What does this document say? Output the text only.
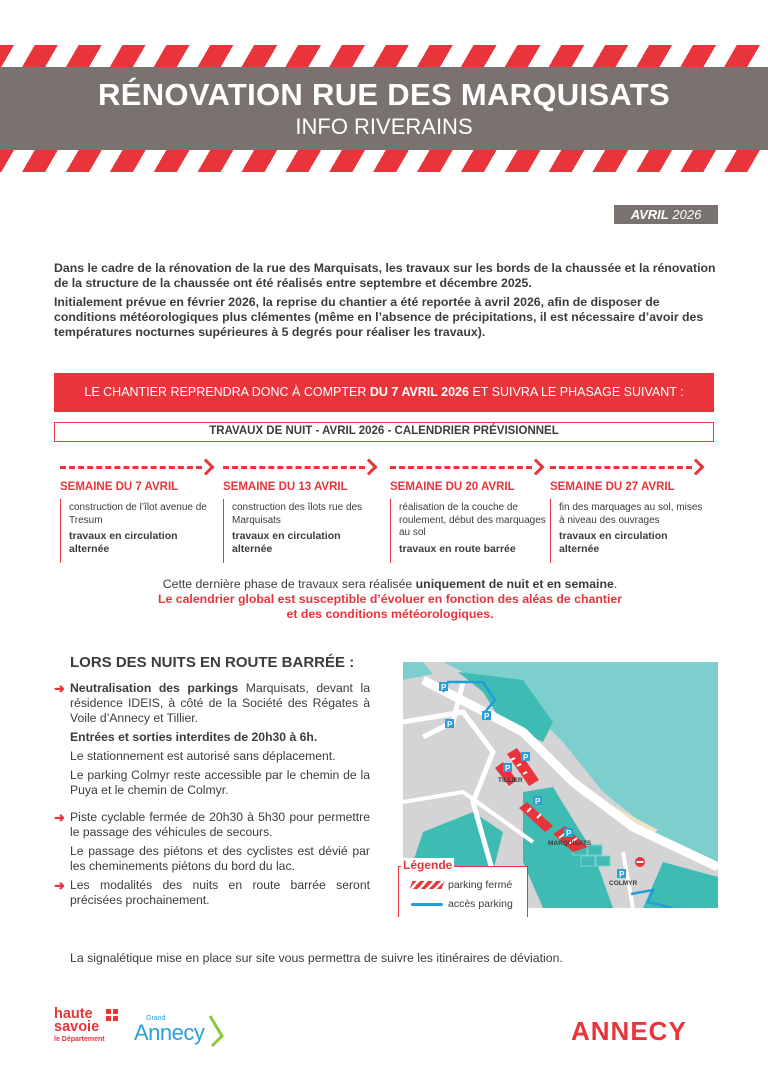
RÉNOVATION RUE DES MARQUISATS
INFO RIVERAINS
AVRIL 2026

Dans le cadre de la rénovation de la rue des Marquisats, les travaux sur les bords de la chaussée et la rénovation de la structure de la chaussée ont été réalisés entre septembre et décembre 2025.

Initialement prévue en février 2026, la reprise du chantier a été reportée à avril 2026, afin de disposer de conditions météorologiques plus clémentes (même en l’absence de précipitations, il est nécessaire d’avoir des températures nocturnes supérieures à 5 degrés pour réaliser les travaux).

LE CHANTIER REPRENDRA DONC À COMPTER DU 7 AVRIL 2026 ET SUIVRA LE PHASAGE SUIVANT :
TRAVAUX DE NUIT - AVRIL 2026 - CALENDRIER PRÉVISIONNEL
SEMAINE DU 7 AVRIL
construction de l’îlot avenue de Tresum
travaux en circulation alternée
SEMAINE DU 13 AVRIL
construction des îlots rue des Marquisats
travaux en circulation alternée
SEMAINE DU 20 AVRIL
réalisation de la couche de roulement, début des marquages au sol
travaux en route barrée
SEMAINE DU 27 AVRIL
fin des marquages au sol, mises à niveau des ouvrages
travaux en circulation alternée
Cette dernière phase de travaux sera réalisée uniquement de nuit et en semaine.
Le calendrier global est susceptible d’évoluer en fonction des aléas de chantier
et des conditions météorologiques.
LORS DES NUITS EN ROUTE BARRÉE :
➜ Neutralisation des parkings Marquisats, devant la résidence IDEIS, à côté de la Société des Régates à Voile d’Annecy et Tillier.

Entrées et sorties interdites de 20h30 à 6h.

Le stationnement est autorisé sans déplacement.

Le parking Colmyr reste accessible par le chemin de la Puya et le chemin de Colmyr.

➜ Piste cyclable fermée de 20h30 à 5h30 pour permettre le passage des véhicules de secours.

Le passage des piétons et des cyclistes est dévié par les cheminements piétons du bord du lac.

➜ Les modalités des nuits en route barrée seront précisées prochainement.

P
P
P
P
P
P
P
P
TILLIER
MARQUISATS
COLMYR
Légende
parking fermé
accès parking
La signalétique mise en place sur site vous permettra de suivre les itinéraires de déviation.
haute
savoie
le Département
Grand
Annecy	ANNECY
